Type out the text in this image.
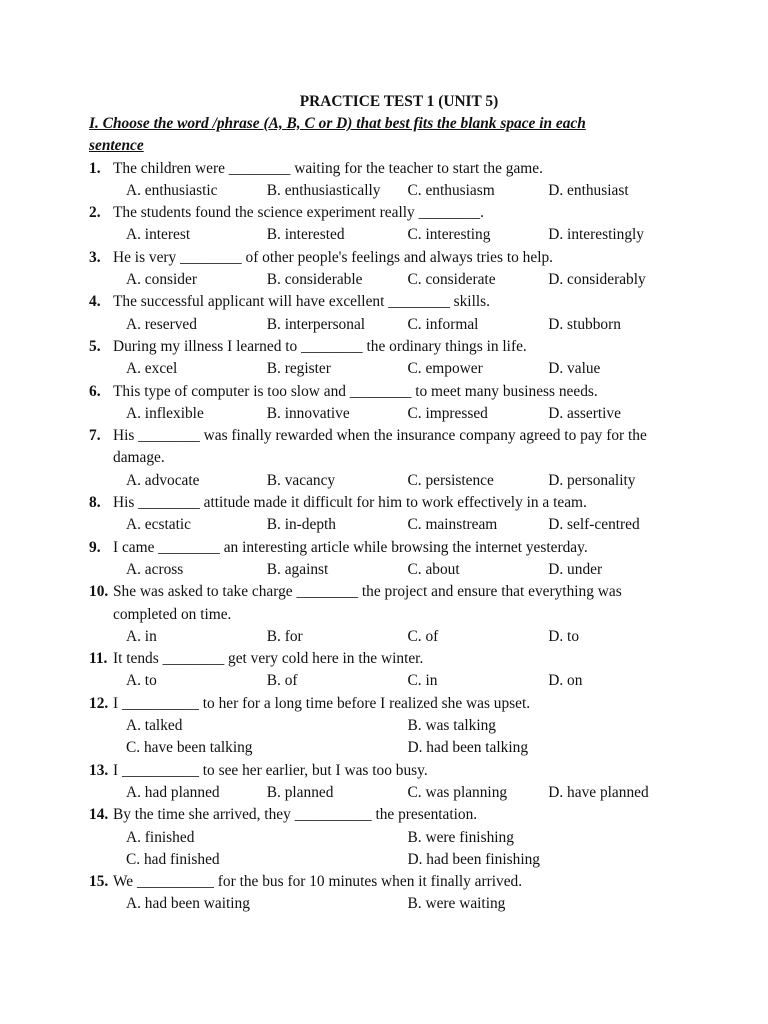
PRACTICE TEST 1 (UNIT 5)
I. Choose the word /phrase (A, B, C or D) that best fits the blank space in each sentence
1. The children were ________ waiting for the teacher to start the game.
A. enthusiastic	B. enthusiastically	C. enthusiasm	D. enthusiast
2. The students found the science experiment really ________.
A. interest	B. interested	C. interesting	D. interestingly
3. He is very ________ of other people's feelings and always tries to help.
A. consider	B. considerable	C. considerate	D. considerably
4. The successful applicant will have excellent ________ skills.
A. reserved	B. interpersonal	C. informal	D. stubborn
5. During my illness I learned to ________ the ordinary things in life.
A. excel	B. register	C. empower	D. value
6. This type of computer is too slow and ________ to meet many business needs.
A. inflexible	B. innovative	C. impressed	D. assertive
7. His ________ was finally rewarded when the insurance company agreed to pay for the damage.
A. advocate	B. vacancy	C. persistence	D. personality
8. His ________ attitude made it difficult for him to work effectively in a team.
A. ecstatic	B. in-depth	C. mainstream	D. self-centred
9. I came ________ an interesting article while browsing the internet yesterday.
A. across	B. against	C. about	D. under
10. She was asked to take charge ________ the project and ensure that everything was completed on time.
A. in	B. for	C. of	D. to
11. It tends ________ get very cold here in the winter.
A. to	B. of	C. in	D. on
12. I __________ to her for a long time before I realized she was upset.
A. talked	B. was talking
C. have been talking	D. had been talking
13. I __________ to see her earlier, but I was too busy.
A. had planned	B. planned	C. was planning	D. have planned
14. By the time she arrived, they __________ the presentation.
A. finished	B. were finishing
C. had finished	D. had been finishing
15. We __________ for the bus for 10 minutes when it finally arrived.
A. had been waiting	B. were waiting
